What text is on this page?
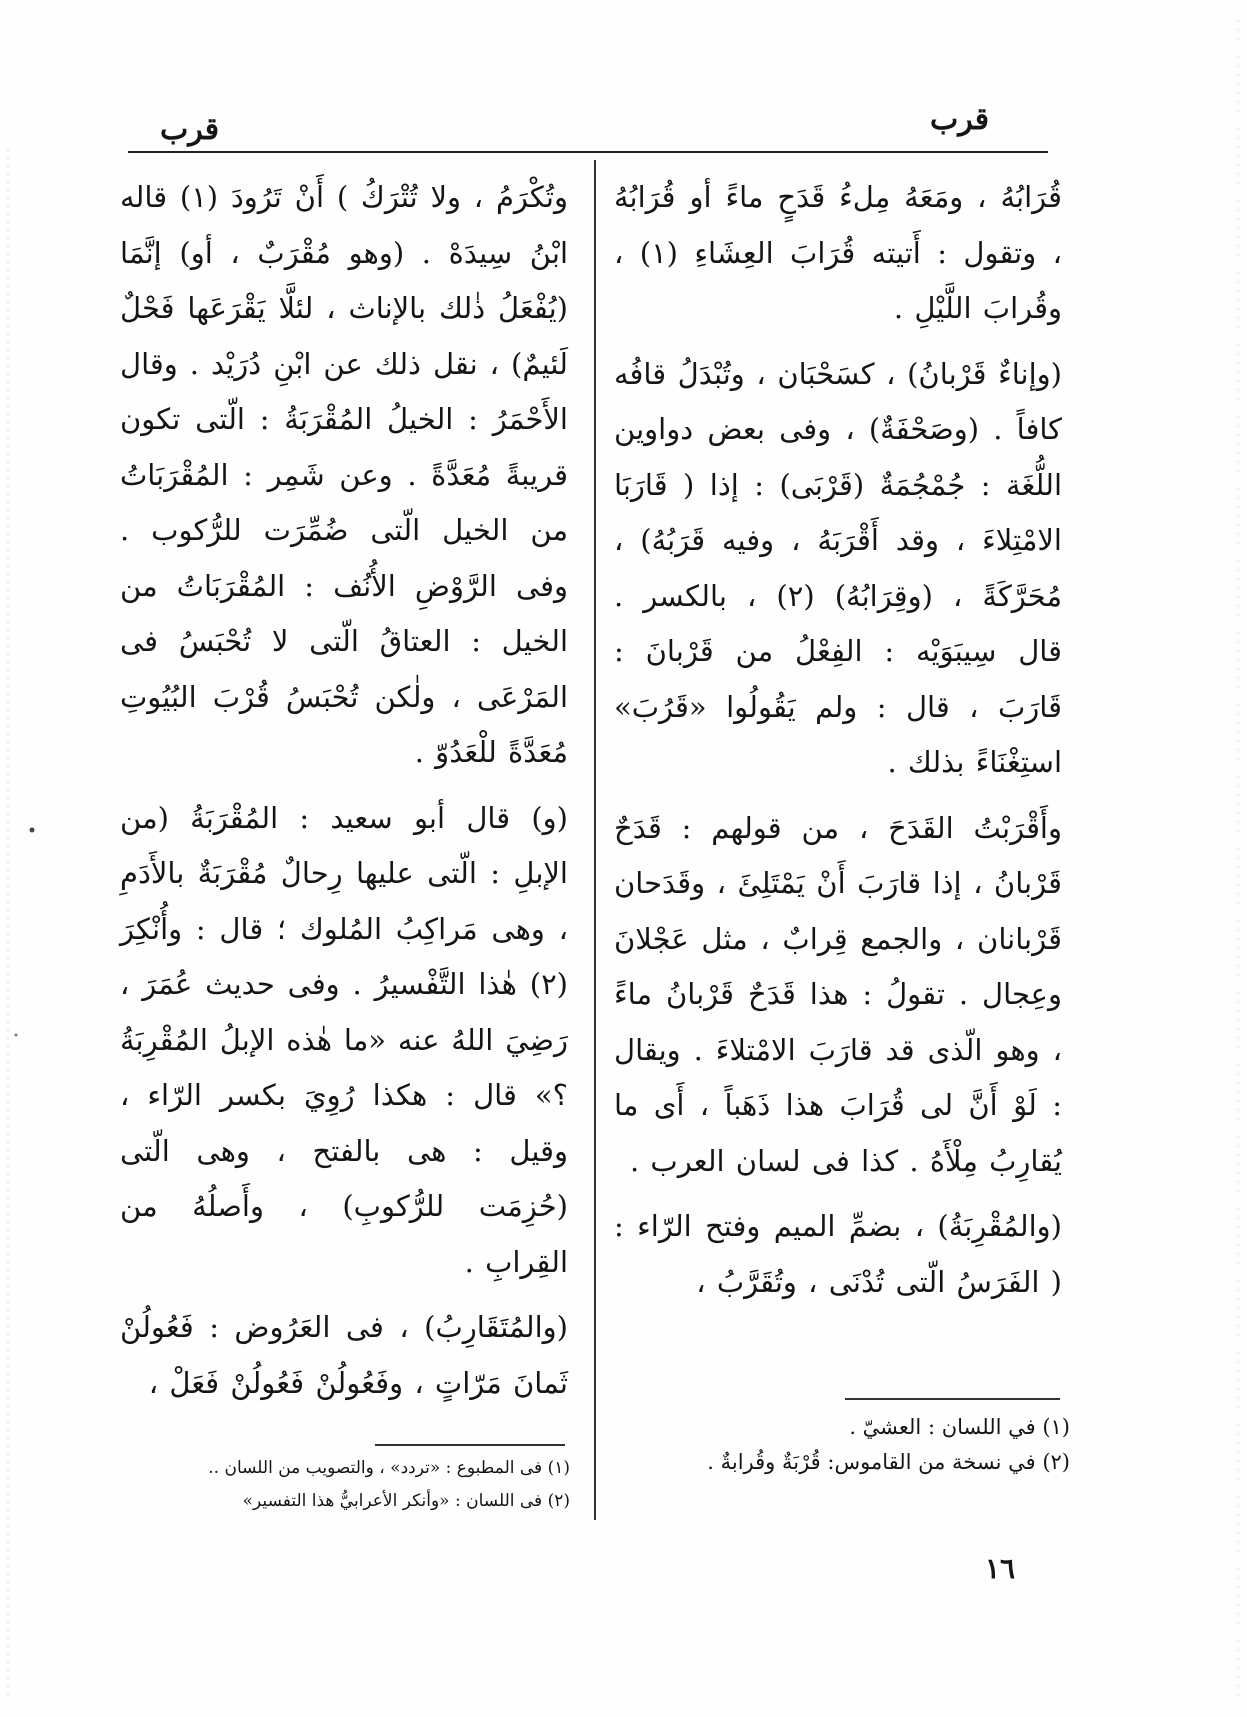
قرب
قرب

قُرَابُهُ ، ومَعَهُ مِلءُ قَدَحٍ ماءً أو قُرَابُهُ ، وتقول : أَتيته قُرَابَ العِشَاءِ (١) ، وقُرابَ اللَّيْلِ .

(وإناءٌ قَرْبانُ) ، كسَحْبَان ، وتُبْدَلُ قافُه كافاً . (وصَحْفَةٌ) ، وفى بعض دواوين اللُّغَة : جُمْجُمَةٌ (قَرْبَى) : إذا ( قَارَبَا الامْتِلاءَ ، وقد أَقْرَبَهُ ، وفيه قَرَبُهُ) ، مُحَرَّكَةً ، (وقِرَابُهُ) (٢) ، بالكسر . قال سِيبَوَيْه : الفِعْلُ من قَرْبانَ : قَارَبَ ، قال : ولم يَقُولُوا «قَرُبَ» استِغْنَاءً بذلك .

وأَقْرَبْتُ القَدَحَ ، من قولهم : قَدَحٌ قَرْبانُ ، إذا قارَبَ أَنْ يَمْتَلِئَ ، وقَدَحان قَرْبانان ، والجمع قِرابٌ ، مثل عَجْلانَ وعِجال . تقولُ : هذا قَدَحٌ قَرْبانُ ماءً ، وهو الّذى قد قارَبَ الامْتلاءَ . ويقال : لَوْ أَنَّ لى قُرَابَ هذا ذَهَباً ، أَى ما يُقارِبُ مِلْأَهُ . كذا فى لسان العرب .

(والمُقْرِبَةُ) ، بضمِّ الميم وفتح الرّاء : ( الفَرَسُ الّتى تُدْنَى ، وتُقَرَّبُ ،

وتُكْرَمُ ، ولا تُتْرَكُ ) أَنْ تَرُودَ (١) قاله ابْنُ سِيدَهْ . (وهو مُقْرَبٌ ، أو) إنَّمَا (يُفْعَلُ ذٰلك بالإناث ، لئلَّا يَقْرَعَها فَحْلٌ لَئيمٌ) ، نقل ذلك عن ابْنِ دُرَيْد . وقال الأَحْمَرُ : الخيلُ المُقْرَبَةُ : الّتى تكون قريبةً مُعَدَّةً . وعن شَمِر : المُقْرَبَاتُ من الخيل الّتى ضُمِّرَت للرُّكوب . وفى الرَّوْضِ الأُنُف : المُقْرَبَاتُ من الخيل : العتاقُ الّتى لا تُحْبَسُ فى المَرْعَى ، ولٰكن تُحْبَسُ قُرْبَ البُيُوتِ مُعَدَّةً للْعَدُوّ .

(و) قال أبو سعيد : المُقْرَبَةُ (من الإبلِ : الّتى عليها رِحالٌ مُقْرَبَةٌ بالأَدَمِ ، وهى مَراكِبُ المُلوك ؛ قال : وأُنْكِرَ (٢) هٰذا التَّفْسيرُ . وفى حديث عُمَرَ ، رَضِيَ اللهُ عنه «ما هٰذه الإبلُ المُقْرِبَةُ ؟» قال : هكذا رُوِيَ بكسر الرّاء ، وقيل : هى بالفتح ، وهى الّتى (حُزِمَت للرُّكوبِ) ، وأَصلُهُ من القِرابِ .

(والمُتَقَارِبُ) ، فى العَرُوض : فَعُولُنْ ثَمانَ مَرّاتٍ ، وفَعُولُنْ فَعُولُنْ فَعَلْ ،

(١) في اللسان : العشيّ .
(٢) في نسخة من القاموس: قُرْبَةٌ وقُرابةٌ .
(١) فى المطبوع : «تردد» ، والتصويب من اللسان ..
(٢) فى اللسان : «وأنكر الأعرابيُّ هذا التفسير»
١٦
